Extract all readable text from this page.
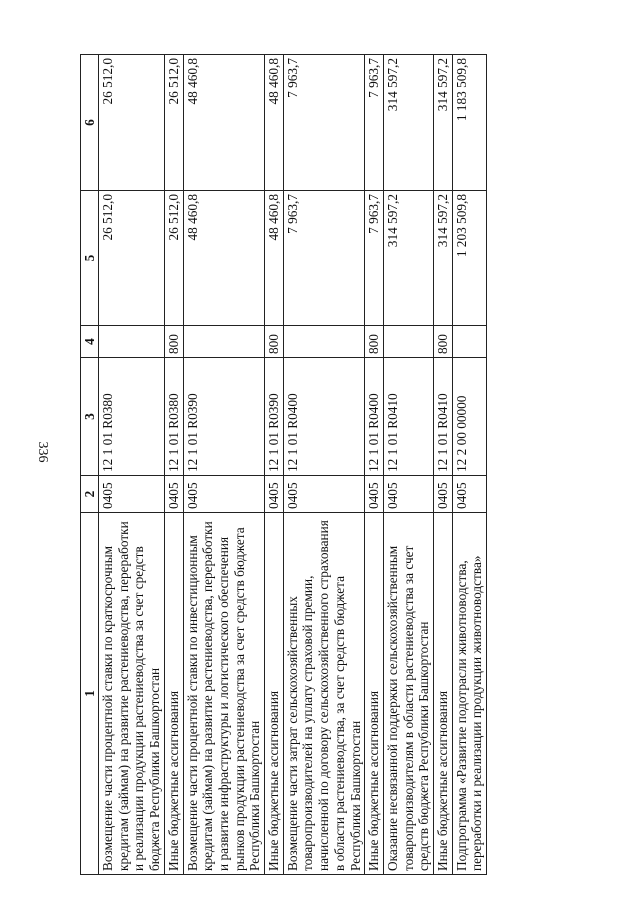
336
1	2	3	4	5	6
Возмещение части процентной ставки по краткосрочным кредитам (займам) на развитие растениеводства, переработки и реализации продукции растениеводства за счет средств бюджета Республики Башкортостан	0405	12 1 01 R0380		26 512,0	26 512,0
Иные бюджетные ассигнования	0405	12 1 01 R0380	800	26 512,0	26 512,0
Возмещение части процентной ставки по инвестиционным кредитам (займам) на развитие растениеводства, переработки и развитие инфраструктуры и логистического обеспечения рынков продукции растениеводства за счет средств бюджета Республики Башкортостан	0405	12 1 01 R0390		48 460,8	48 460,8
Иные бюджетные ассигнования	0405	12 1 01 R0390	800	48 460,8	48 460,8
Возмещение части затрат сельскохозяйственных товаропроизводителей на уплату страховой премии, начисленной по договору сельскохозяйственного страхования в области растениеводства, за счет средств бюджета Республики Башкортостан	0405	12 1 01 R0400		7 963,7	7 963,7
Иные бюджетные ассигнования	0405	12 1 01 R0400	800	7 963,7	7 963,7
Оказание несвязанной поддержки сельскохозяйственным товаропроизводителям в области растениеводства за счет средств бюджета Республики Башкортостан	0405	12 1 01 R0410		314 597,2	314 597,2
Иные бюджетные ассигнования	0405	12 1 01 R0410	800	314 597,2	314 597,2
Подпрограмма «Развитие подотрасли животноводства, переработки и реализации продукции животноводства»	0405	12 2 00 00000		1 203 509,8	1 183 509,8
